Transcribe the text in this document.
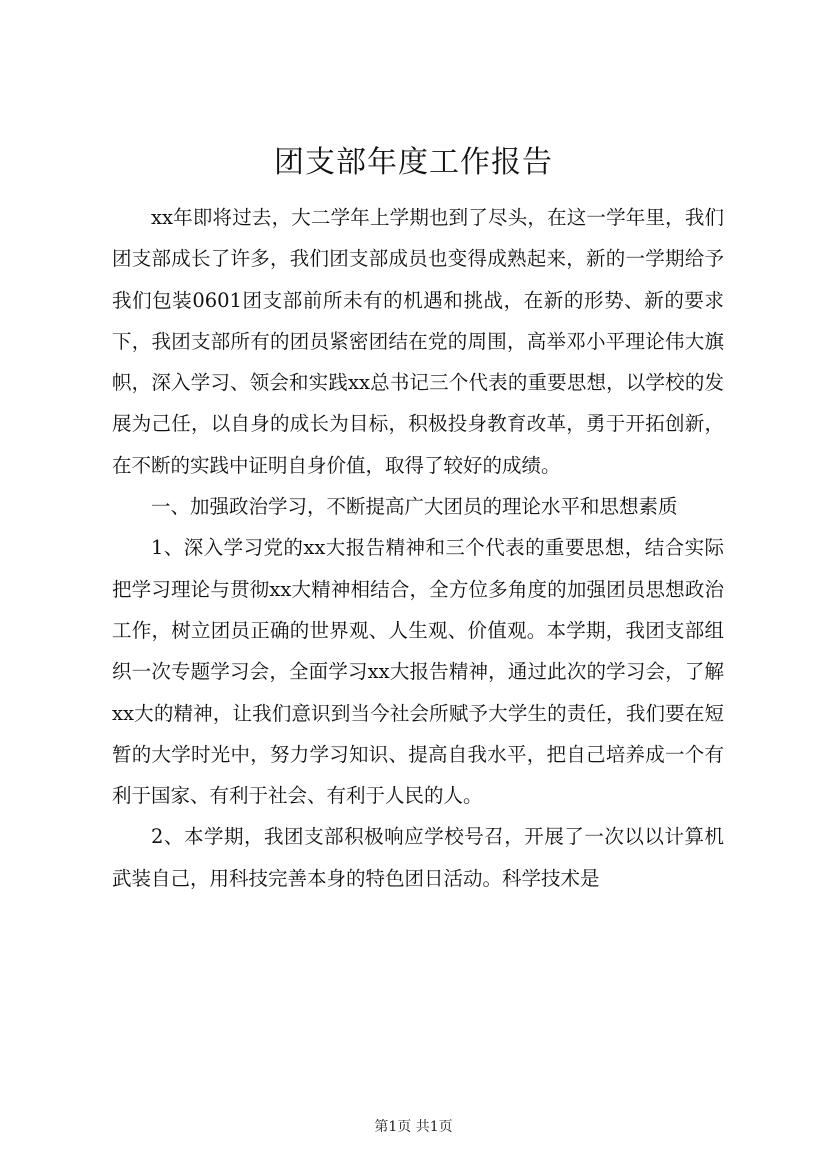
团支部年度工作报告

xx年即将过去，大二学年上学期也到了尽头，在这一学年里，我们团支部成长了许多，我们团支部成员也变得成熟起来，新的一学期给予我们包装0601团支部前所未有的机遇和挑战，在新的形势、新的要求下，我团支部所有的团员紧密团结在党的周围，高举邓小平理论伟大旗帜，深入学习、领会和实践xx总书记三个代表的重要思想，以学校的发展为己任，以自身的成长为目标，积极投身教育改革，勇于开拓创新，在不断的实践中证明自身价值，取得了较好的成绩。

一、加强政治学习，不断提高广大团员的理论水平和思想素质

1、深入学习党的xx大报告精神和三个代表的重要思想，结合实际把学习理论与贯彻xx大精神相结合，全方位多角度的加强团员思想政治工作，树立团员正确的世界观、人生观、价值观。本学期，我团支部组织一次专题学习会，全面学习xx大报告精神，通过此次的学习会，了解xx大的精神，让我们意识到当今社会所赋予大学生的责任，我们要在短暂的大学时光中，努力学习知识、提高自我水平，把自己培养成一个有利于国家、有利于社会、有利于人民的人。

2、本学期，我团支部积极响应学校号召，开展了一次以以计算机武装自己，用科技完善本身的特色团日活动。科学技术是

第1页 共1页
